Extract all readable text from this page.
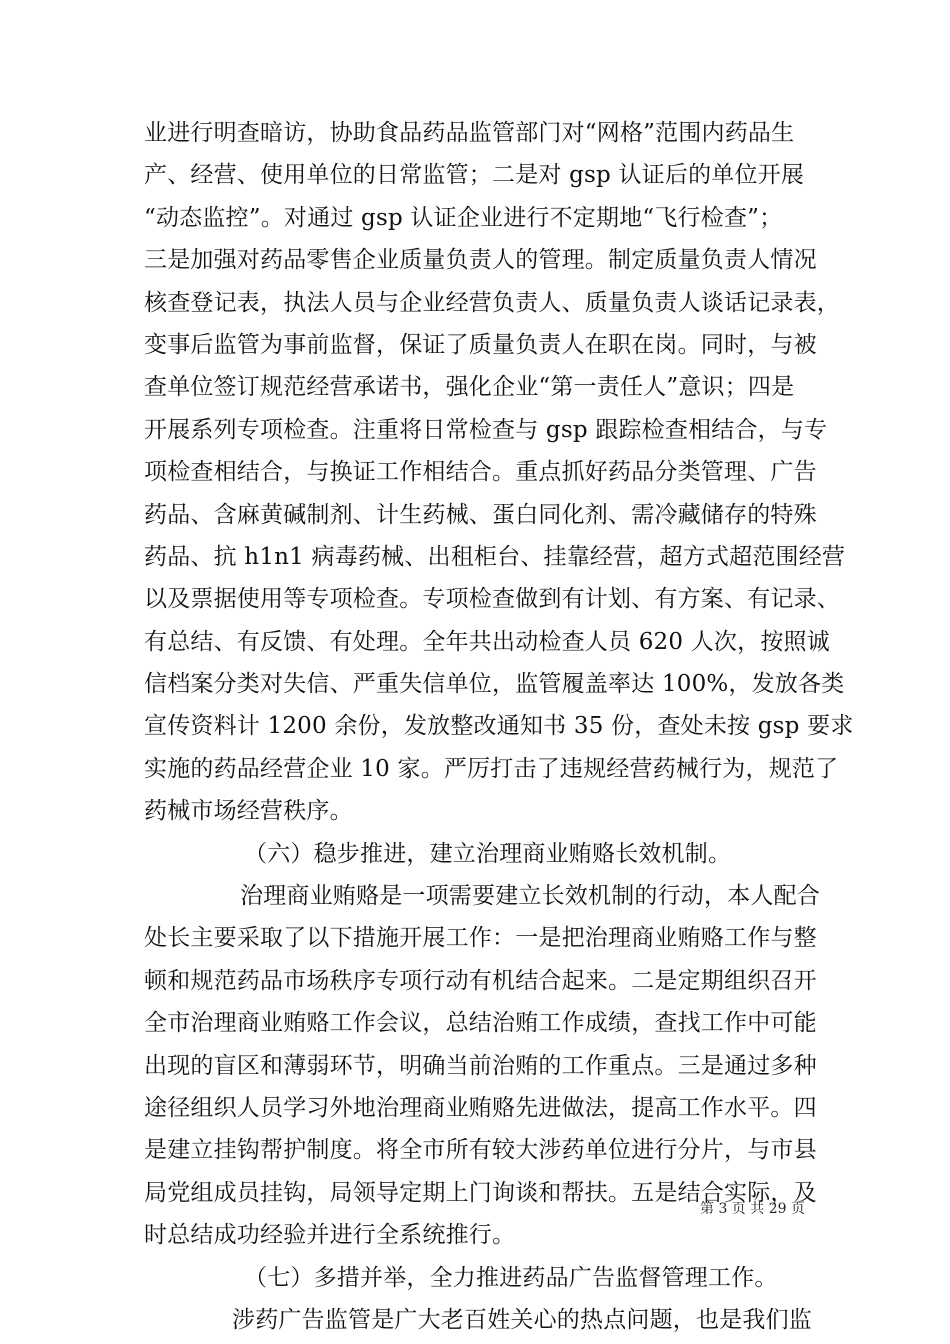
业进行明查暗访，协助食品药品监管部门对“网格”范围内药品生
产、经营、使用单位的日常监管；二是对 gsp 认证后的单位开展
“动态监控”。对通过 gsp 认证企业进行不定期地“飞行检查”；
三是加强对药品零售企业质量负责人的管理。制定质量负责人情况
核查登记表，执法人员与企业经营负责人、质量负责人谈话记录表，
变事后监管为事前监督，保证了质量负责人在职在岗。同时，与被
查单位签订规范经营承诺书，强化企业“第一责任人”意识；四是
开展系列专项检查。注重将日常检查与 gsp 跟踪检查相结合，与专
项检查相结合，与换证工作相结合。重点抓好药品分类管理、广告
药品、含麻黄碱制剂、计生药械、蛋白同化剂、需冷藏储存的特殊
药品、抗 h1n1 病毒药械、出租柜台、挂靠经营，超方式超范围经营
以及票据使用等专项检查。专项检查做到有计划、有方案、有记录、
有总结、有反馈、有处理。全年共出动检查人员 620 人次，按照诚
信档案分类对失信、严重失信单位，监管履盖率达 100%，发放各类
宣传资料计 1200 余份，发放整改通知书 35 份，查处未按 gsp 要求
实施的药品经营企业 10 家。严厉打击了违规经营药械行为，规范了
药械市场经营秩序。
（六）稳步推进，建立治理商业贿赂长效机制。
治理商业贿赂是一项需要建立长效机制的行动，本人配合
处长主要采取了以下措施开展工作：一是把治理商业贿赂工作与整
顿和规范药品市场秩序专项行动有机结合起来。二是定期组织召开
全市治理商业贿赂工作会议，总结治贿工作成绩，查找工作中可能
出现的盲区和薄弱环节，明确当前治贿的工作重点。三是通过多种
途径组织人员学习外地治理商业贿赂先进做法，提高工作水平。四
是建立挂钩帮护制度。将全市所有较大涉药单位进行分片，与市县
局党组成员挂钩，局领导定期上门询谈和帮扶。五是结合实际，及
时总结成功经验并进行全系统推行。
（七）多措并举，全力推进药品广告监督管理工作。
涉药广告监管是广大老百姓关心的热点问题，也是我们监
第 3 页 共 29 页
